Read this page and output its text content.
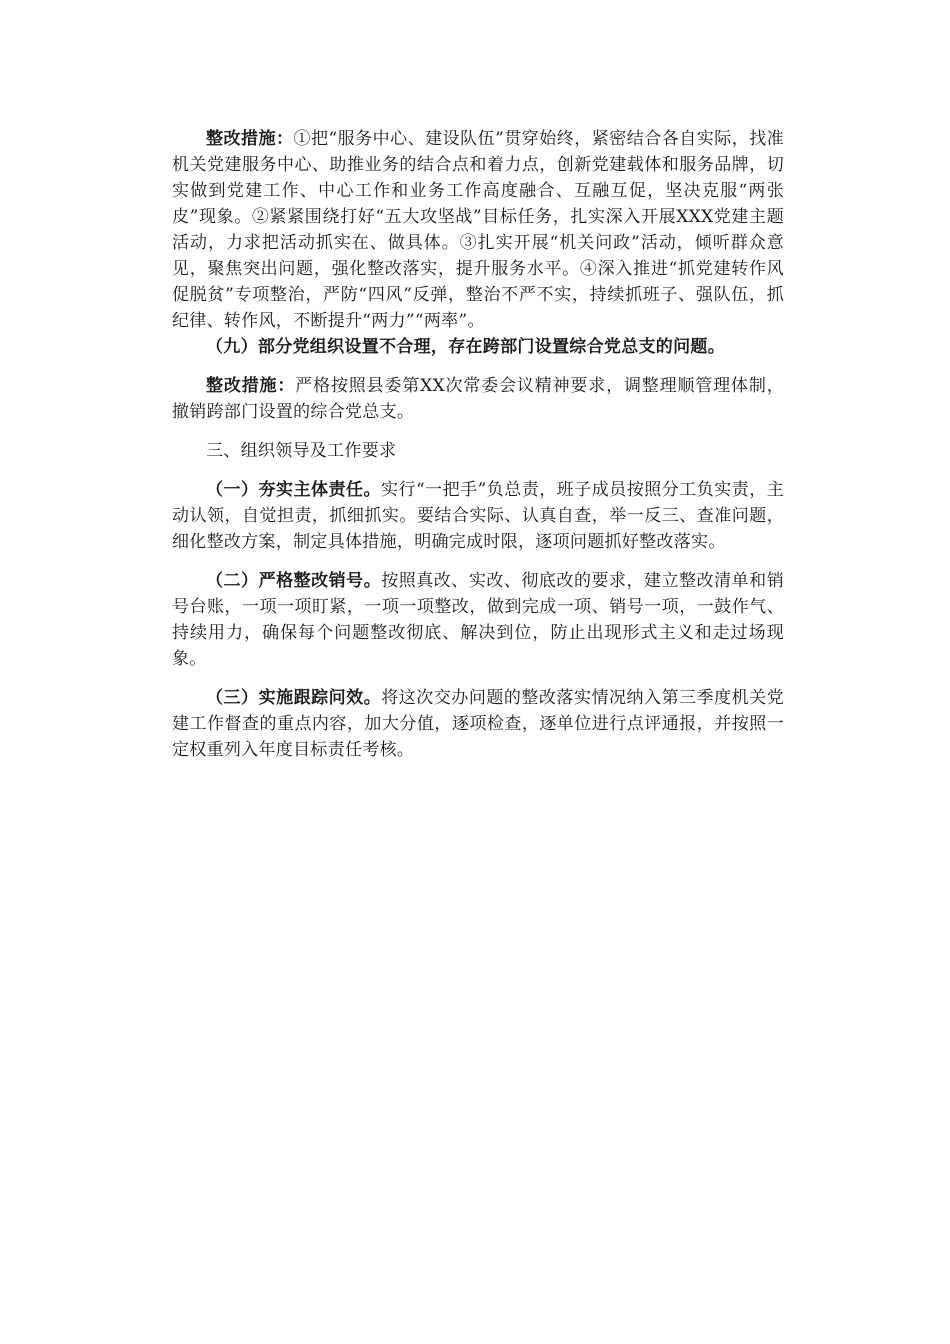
整改措施：①把“服务中心、建设队伍”贯穿始终，紧密结合各自实际，找准机关党建服务中心、助推业务的结合点和着力点，创新党建载体和服务品牌，切实做到党建工作、中心工作和业务工作高度融合、互融互促，坚决克服“两张皮”现象。②紧紧围绕打好“五大攻坚战”目标任务，扎实深入开展XXX党建主题活动，力求把活动抓实在、做具体。③扎实开展“机关问政”活动，倾听群众意见，聚焦突出问题，强化整改落实，提升服务水平。④深入推进“抓党建转作风促脱贫”专项整治，严防“四风”反弹，整治不严不实，持续抓班子、强队伍，抓纪律、转作风，不断提升“两力”“两率”。

（九）部分党组织设置不合理，存在跨部门设置综合党总支的问题。

整改措施：严格按照县委第XX次常委会议精神要求，调整理顺管理体制，撤销跨部门设置的综合党总支。

三、组织领导及工作要求

（一）夯实主体责任。实行“一把手”负总责，班子成员按照分工负实责，主动认领，自觉担责，抓细抓实。要结合实际、认真自查，举一反三、查准问题，细化整改方案，制定具体措施，明确完成时限，逐项问题抓好整改落实。

（二）严格整改销号。按照真改、实改、彻底改的要求，建立整改清单和销号台账，一项一项盯紧，一项一项整改，做到完成一项、销号一项，一鼓作气、持续用力，确保每个问题整改彻底、解决到位，防止出现形式主义和走过场现象。

（三）实施跟踪问效。将这次交办问题的整改落实情况纳入第三季度机关党建工作督查的重点内容，加大分值，逐项检查，逐单位进行点评通报，并按照一定权重列入年度目标责任考核。
